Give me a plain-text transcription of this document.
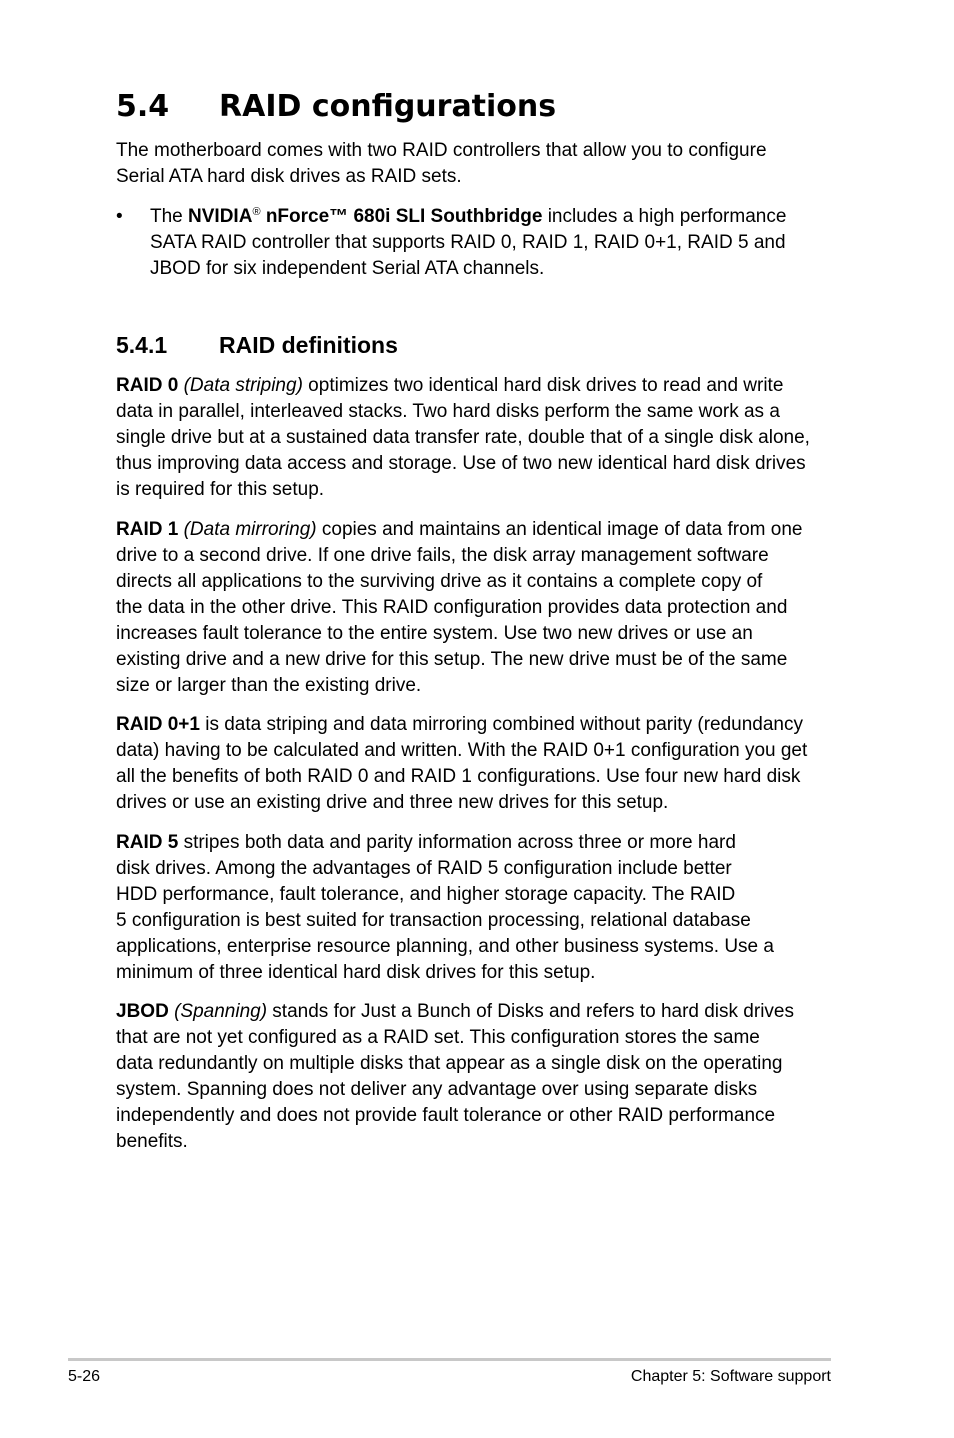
5.4 RAID configurations

The motherboard comes with two RAID controllers that allow you to configure
Serial ATA hard disk drives as RAID sets.

• The NVIDIA® nForce™ 680i SLI Southbridge includes a high performance
SATA RAID controller that supports RAID 0, RAID 1, RAID 0+1, RAID 5 and
JBOD for six independent Serial ATA channels.
5.4.1 RAID definitions

RAID 0 (Data striping) optimizes two identical hard disk drives to read and write
data in parallel, interleaved stacks. Two hard disks perform the same work as a
single drive but at a sustained data transfer rate, double that of a single disk alone,
thus improving data access and storage. Use of two new identical hard disk drives
is required for this setup.

RAID 1 (Data mirroring) copies and maintains an identical image of data from one
drive to a second drive. If one drive fails, the disk array management software
directs all applications to the surviving drive as it contains a complete copy of
the data in the other drive. This RAID configuration provides data protection and
increases fault tolerance to the entire system. Use two new drives or use an
existing drive and a new drive for this setup. The new drive must be of the same
size or larger than the existing drive.

RAID 0+1 is data striping and data mirroring combined without parity (redundancy
data) having to be calculated and written. With the RAID 0+1 configuration you get
all the benefits of both RAID 0 and RAID 1 configurations. Use four new hard disk
drives or use an existing drive and three new drives for this setup.

RAID 5 stripes both data and parity information across three or more hard
disk drives. Among the advantages of RAID 5 configuration include better
HDD performance, fault tolerance, and higher storage capacity. The RAID
5 configuration is best suited for transaction processing, relational database
applications, enterprise resource planning, and other business systems. Use a
minimum of three identical hard disk drives for this setup.

JBOD (Spanning) stands for Just a Bunch of Disks and refers to hard disk drives
that are not yet configured as a RAID set. This configuration stores the same
data redundantly on multiple disks that appear as a single disk on the operating
system. Spanning does not deliver any advantage over using separate disks
independently and does not provide fault tolerance or other RAID performance
benefits.

5-26	Chapter 5: Software support
